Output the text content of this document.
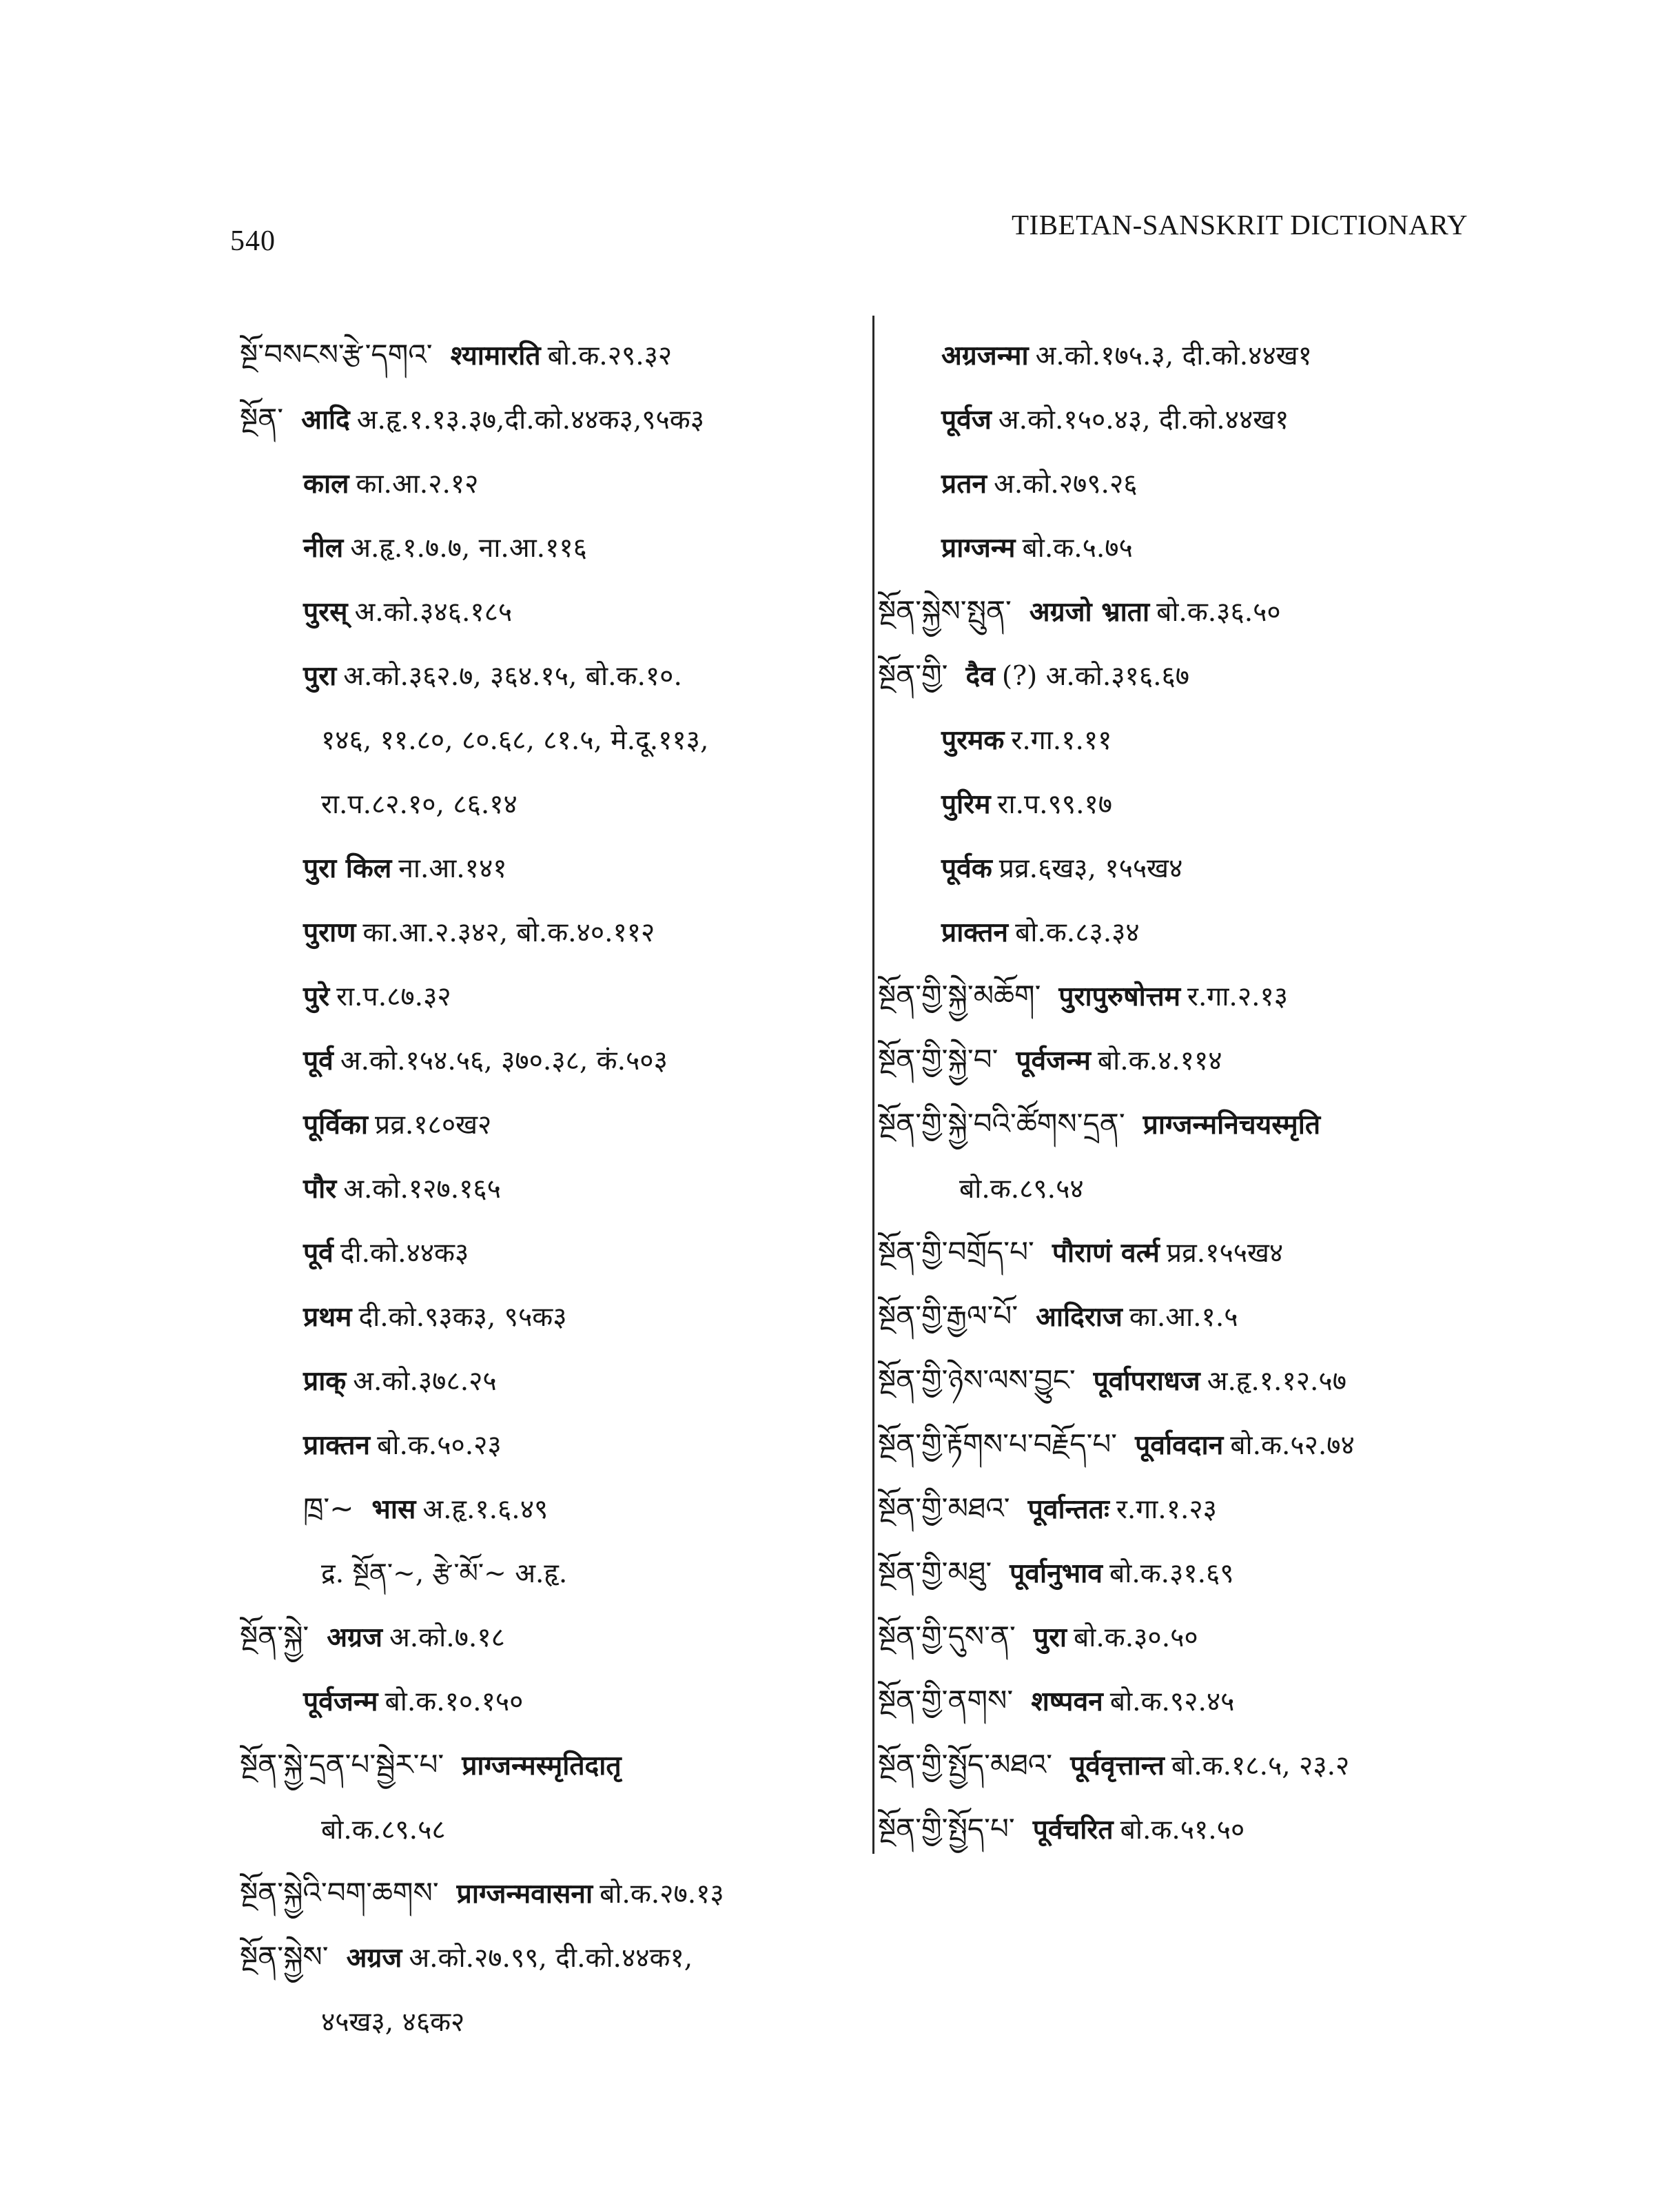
540
TIBETAN-SANSKRIT DICTIONARY
སྔོ་བསངས་རྩེ་དགའ་ श्यामारति बो.क.२९.३२
སྔོན་ आदि अ.हृ.१.१३.३७,दी.को.४४क३,९५क३
काल का.आ.२.१२
नील अ.हृ.१.७.७, ना.आ.११६
पुरस् अ.को.३४६.१८५
पुरा अ.को.३६२.७, ३६४.१५, बो.क.१०.
१४६, ११.८०, ८०.६८, ८१.५, मे.दू.११३,
रा.प.८२.१०, ८६.१४
पुरा किल ना.आ.१४१
पुराण का.आ.२.३४२, बो.क.४०.११२
पुरे रा.प.८७.३२
पूर्व अ.को.१५४.५६, ३७०.३८, कं.५०३
पूर्विका प्रव्र.१८०ख२
पौर अ.को.१२७.१६५
पूर्व दी.को.४४क३
प्रथम दी.को.९३क३, ९५क३
प्राक् अ.को.३७८.२५
प्राक्तन बो.क.५०.२३
ཁྲ་~ भास अ.हृ.१.६.४९
द्र. སྔོན་~, རྩེ་མོ་~ अ.हृ.
སྔོན་སྐྱེ་ अग्रज अ.को.७.१८
पूर्वजन्म बो.क.१०.१५०
སྔོན་སྐྱེ་དྲན་པ་སྦྱེར་པ་ प्राग्जन्मस्मृतिदातृ
बो.क.८९.५८
སྔོན་སྐྱེའི་བག་ཆགས་ प्राग्जन्मवासना बो.क.२७.१३
སྔོན་སྐྱེས་ अग्रज अ.को.२७.९९, दी.को.४४क१,
४५ख३, ४६क२
अग्रजन्मा अ.को.१७५.३, दी.को.४४ख१
पूर्वज अ.को.१५०.४३, दी.को.४४ख१
प्रतन अ.को.२७९.२६
प्राग्जन्म बो.क.५.७५
སྔོན་སྐྱེས་སྤུན་ अग्रजो भ्राता बो.क.३६.५०
སྔོན་གྱི་ दैव (?) अ.को.३१६.६७
पुरमक र.गा.१.११
पुरिम रा.प.९९.१७
पूर्वक प्रव्र.६ख३, १५५ख४
प्राक्तन बो.क.८३.३४
སྔོན་གྱི་སྐྱེ་མཆོག་ पुरापुरुषोत्तम र.गा.२.१३
སྔོན་གྱི་སྐྱེ་བ་ पूर्वजन्म बो.क.४.११४
སྔོན་གྱི་སྐྱེ་བའི་ཚོགས་དྲན་ प्राग्जन्मनिचयस्मृति
बो.क.८९.५४
སྔོན་གྱི་བགྲོད་པ་ पौराणं वर्त्म प्रव्र.१५५ख४
སྔོན་གྱི་རྒྱལ་པོ་ आदिराज का.आ.१.५
སྔོན་གྱི་ཉེས་ལས་བྱུང་ पूर्वापराधज अ.हृ.१.१२.५७
སྔོན་གྱི་རྟོགས་པ་བརྗོད་པ་ पूर्वावदान बो.क.५२.७४
སྔོན་གྱི་མཐའ་ पूर्वान्ततः र.गा.१.२३
སྔོན་གྱི་མཐུ་ पूर्वानुभाव बो.क.३१.६९
སྔོན་གྱི་དུས་ན་ पुरा बो.क.३०.५०
སྔོན་གྱི་ནགས་ शष्पवन बो.क.९२.४५
སྔོན་གྱི་སྤྱོད་མཐའ་ पूर्ववृत्तान्त बो.क.१८.५, २३.२
སྔོན་གྱི་སྤྱོད་པ་ पूर्वचरित बो.क.५१.५०
